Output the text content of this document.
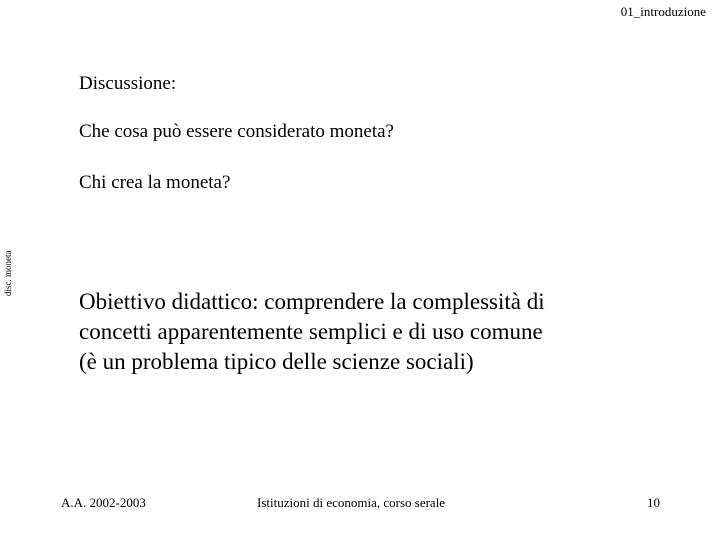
01_introduzione
disc. moneta
Discussione:
Che cosa può essere considerato moneta?
Chi crea la moneta?
Obiettivo didattico: comprendere la complessità di
concetti apparentemente semplici e di uso comune
(è un problema tipico delle scienze sociali)
A.A. 2002-2003	Istituzioni di economia, corso serale	10
